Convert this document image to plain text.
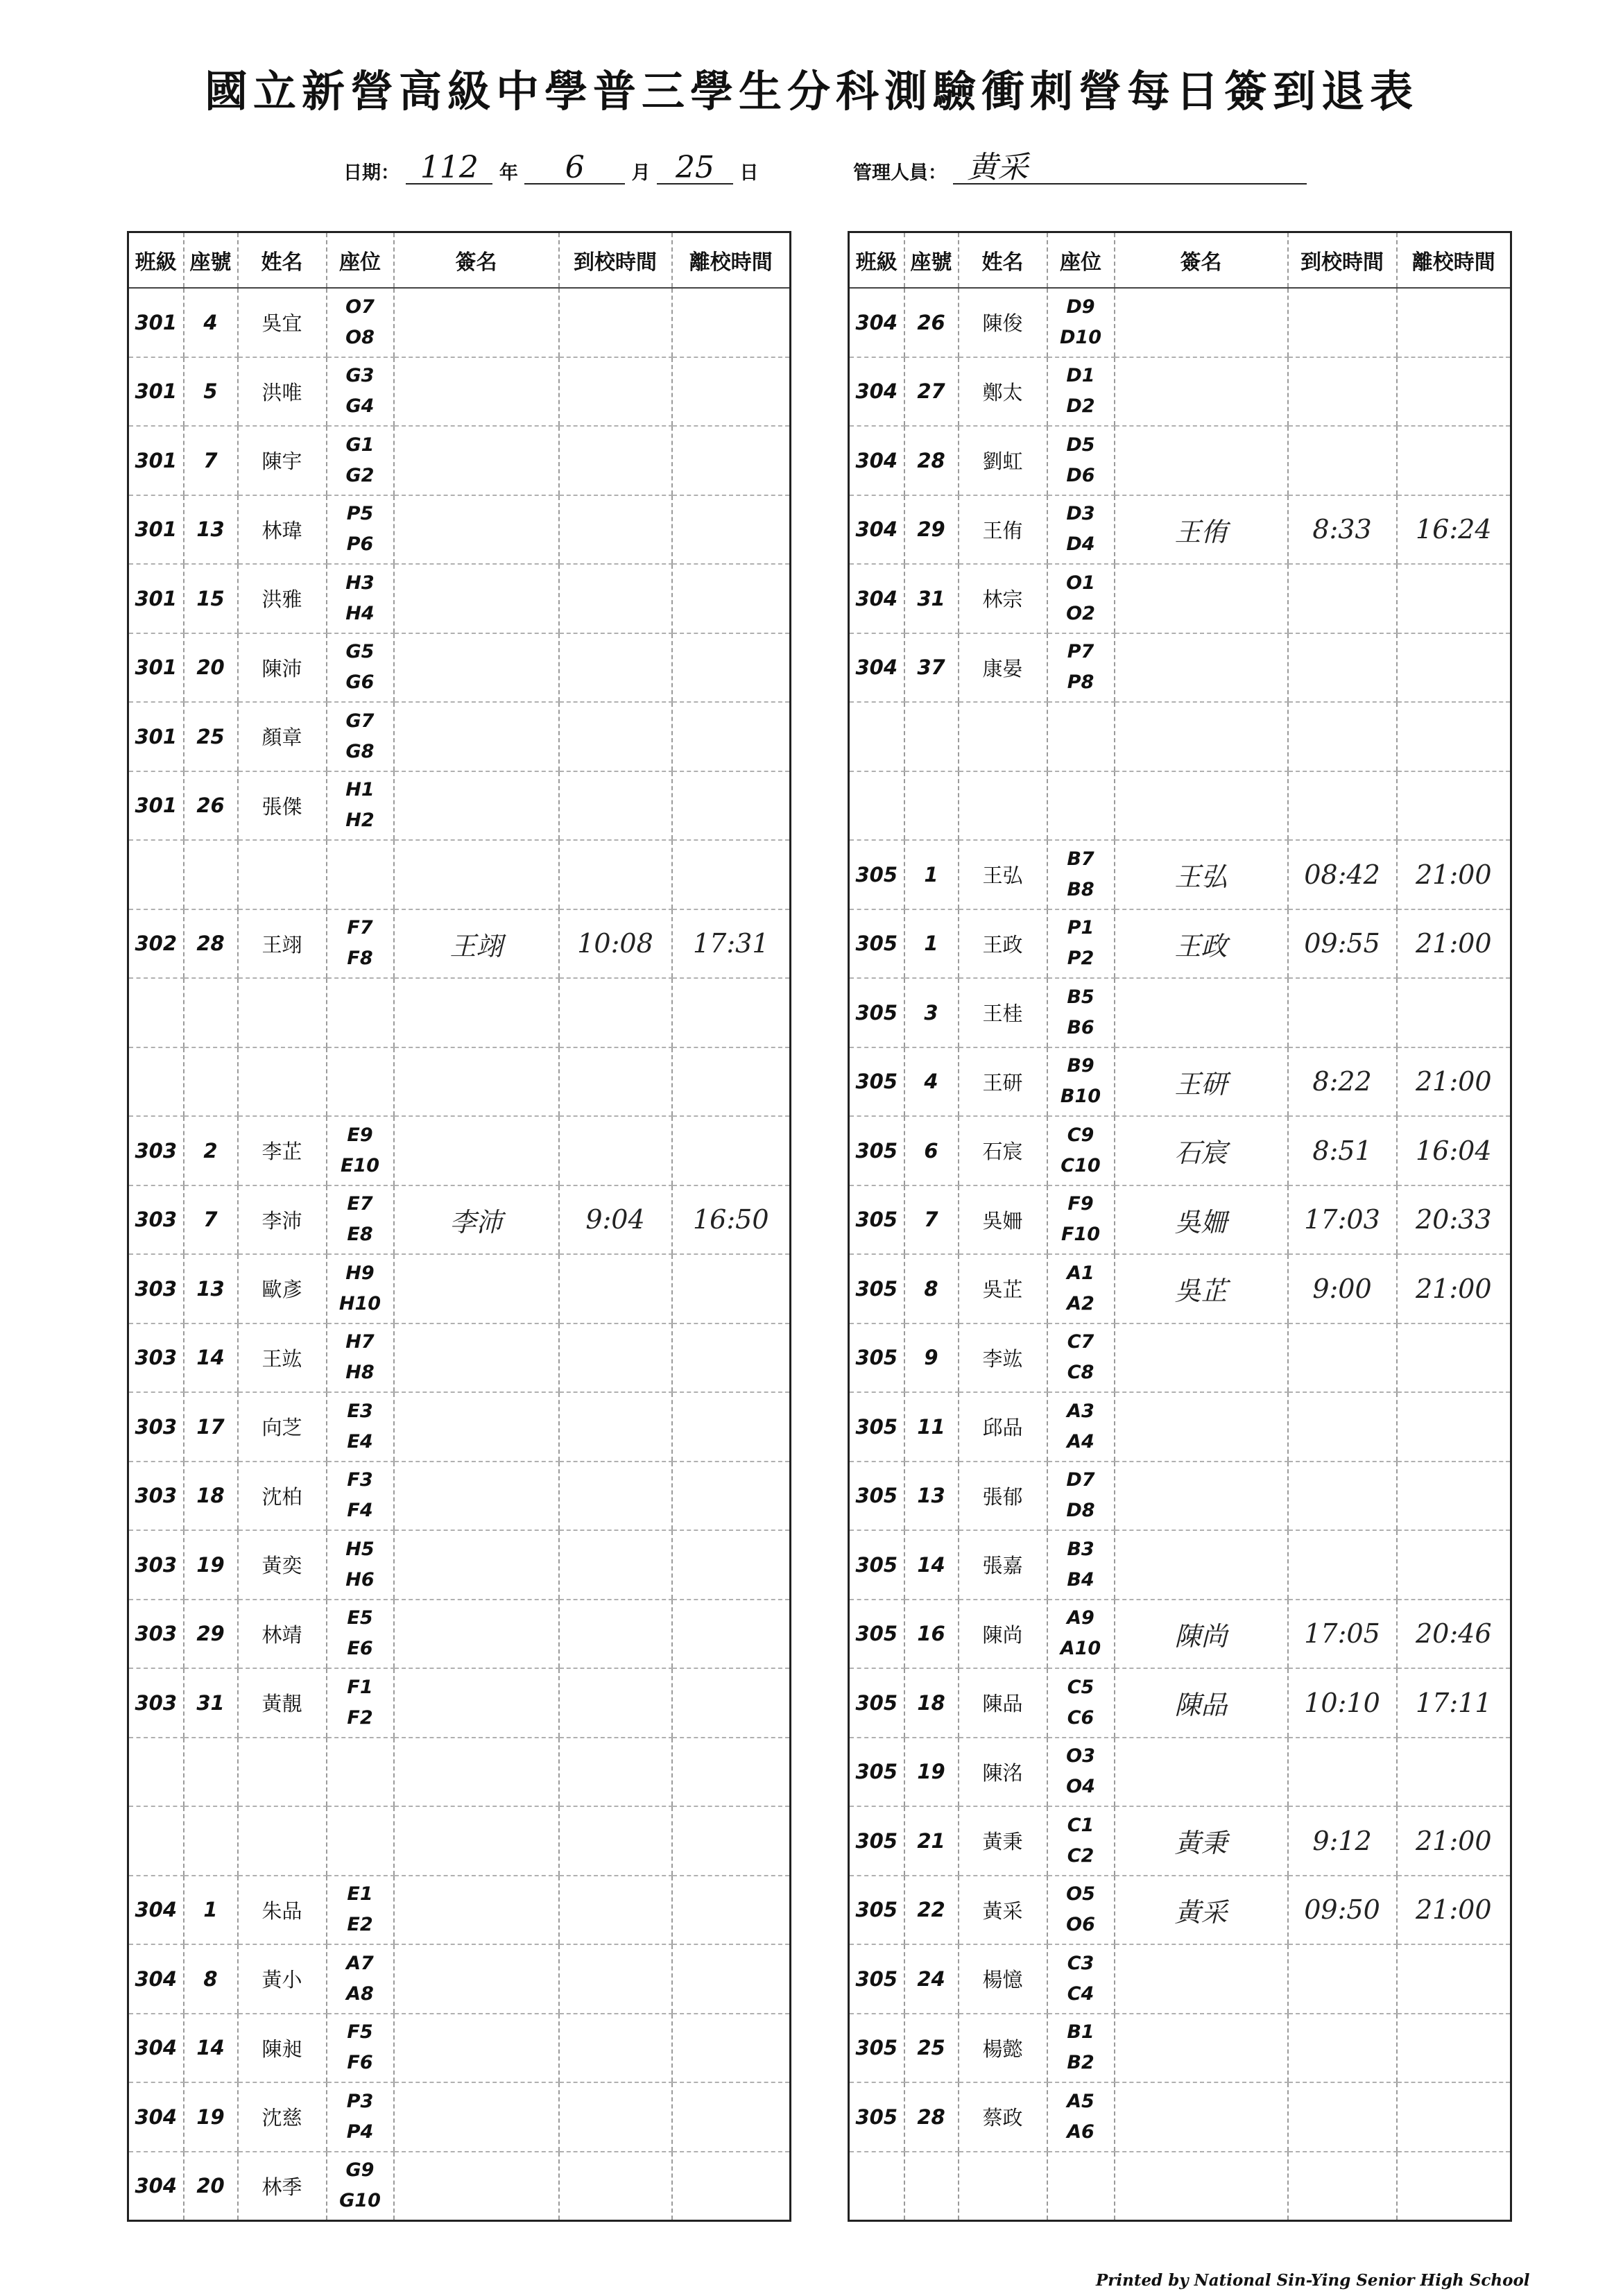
國立新營高級中學普三學生分科測驗衝刺營每日簽到退表
日期： 112 年 6	月 25 日	管理人員： 黄采
班級	座號	姓名	座位	簽名	到校時間	離校時間
301	4	吳宜	O7
O8			

301	5	洪唯	G3
G4			

301	7	陳宇	G1
G2			

301	13	林瑋	P5
P6			

301	15	洪雅	H3
H4			

301	20	陳沛	G5
G6			

301	25	顏章	G7
G8			

301	26	張傑	H1
H2			

302	28	王翊	F7
F8	王翊	10:08	17:31

303	2	李芷	E9
E10			

303	7	李沛	E7
E8	李沛	9:04	16:50
303	13	歐彥	H9
H10			

303	14	王竑	H7
H8			

303	17	向芝	E3
E4			

303	18	沈柏	F3
F4			

303	19	黃奕	H5
H6			

303	29	林靖	E5
E6			

303	31	黃靚	F1
F2			

304	1	朱品	E1
E2			

304	8	黃小	A7
A8			

304	14	陳昶	F5
F6			

304	19	沈慈	P3
P4			

304	20	林季	G9
G10			

班級	座號	姓名	座位	簽名	到校時間	離校時間
304	26	陳俊	D9
D10			

304	27	鄭太	D1
D2			

304	28	劉虹	D5
D6			

304	29	王侑	D3
D4	王侑	8:33	16:24
304	31	林宗	O1
O2			

304	37	康晏	P7
P8			

305	1	王弘	B7
B8	王弘	08:42	21:00
305	1	王政	P1
P2	王政	09:55	21:00
305	3	王桂	B5
B6			

305	4	王研	B9
B10	王研	8:22	21:00
305	6	石宸	C9
C10	石宸	8:51	16:04
305	7	吳姍	F9
F10	吳姍	17:03	20:33
305	8	吳芷	A1
A2	吳芷	9:00	21:00
305	9	李竑	C7
C8			

305	11	邱品	A3
A4			

305	13	張郁	D7
D8			

305	14	張嘉	B3
B4			

305	16	陳尚	A9
A10	陳尚	17:05	20:46
305	18	陳品	C5
C6	陳品	10:10	17:11
305	19	陳洺	O3
O4			

305	21	黃秉	C1
C2	黃秉	9:12	21:00
305	22	黃采	O5
O6	黃采	09:50	21:00
305	24	楊憶	C3
C4			

305	25	楊懿	B1
B2			

305	28	蔡政	A5
A6			

Printed by National Sin-Ying Senior High School
